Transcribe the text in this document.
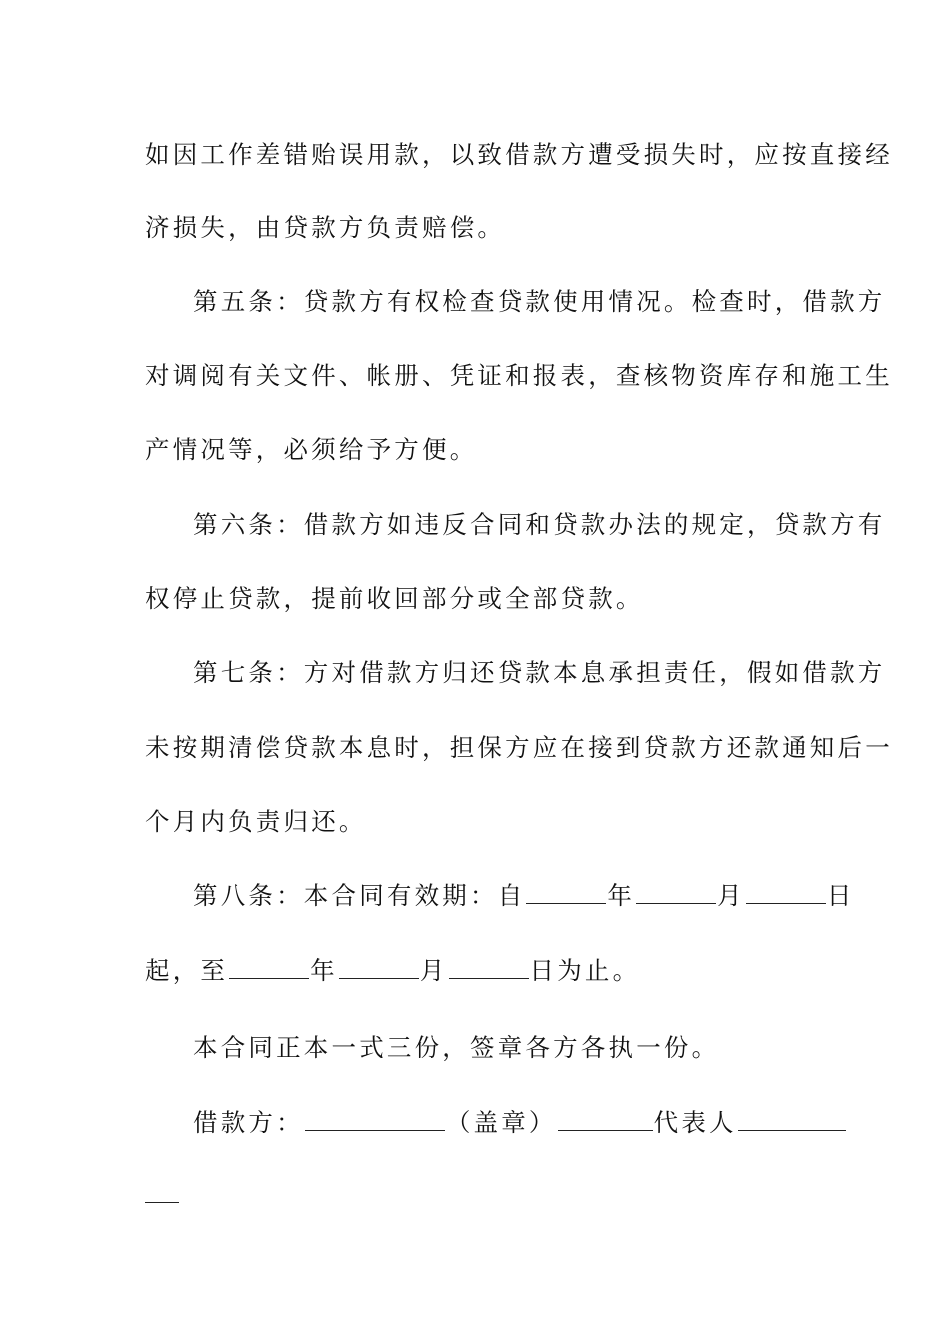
如因工作差错贻误用款，以致借款方遭受损失时，应按直接经
济损失，由贷款方负责赔偿。
第五条：贷款方有权检查贷款使用情况。检查时，借款方
对调阅有关文件、帐册、凭证和报表，查核物资库存和施工生
产情况等，必须给予方便。
第六条：借款方如违反合同和贷款办法的规定，贷款方有
权停止贷款，提前收回部分或全部贷款。
第七条：方对借款方归还贷款本息承担责任，假如借款方
未按期清偿贷款本息时，担保方应在接到贷款方还款通知后一
个月内负责归还。
第八条：本合同有效期：自	年	月	日
起，至	年	月	日为止。
本合同正本一式三份，签章各方各执一份。
借款方：	（盖章）	代表人
